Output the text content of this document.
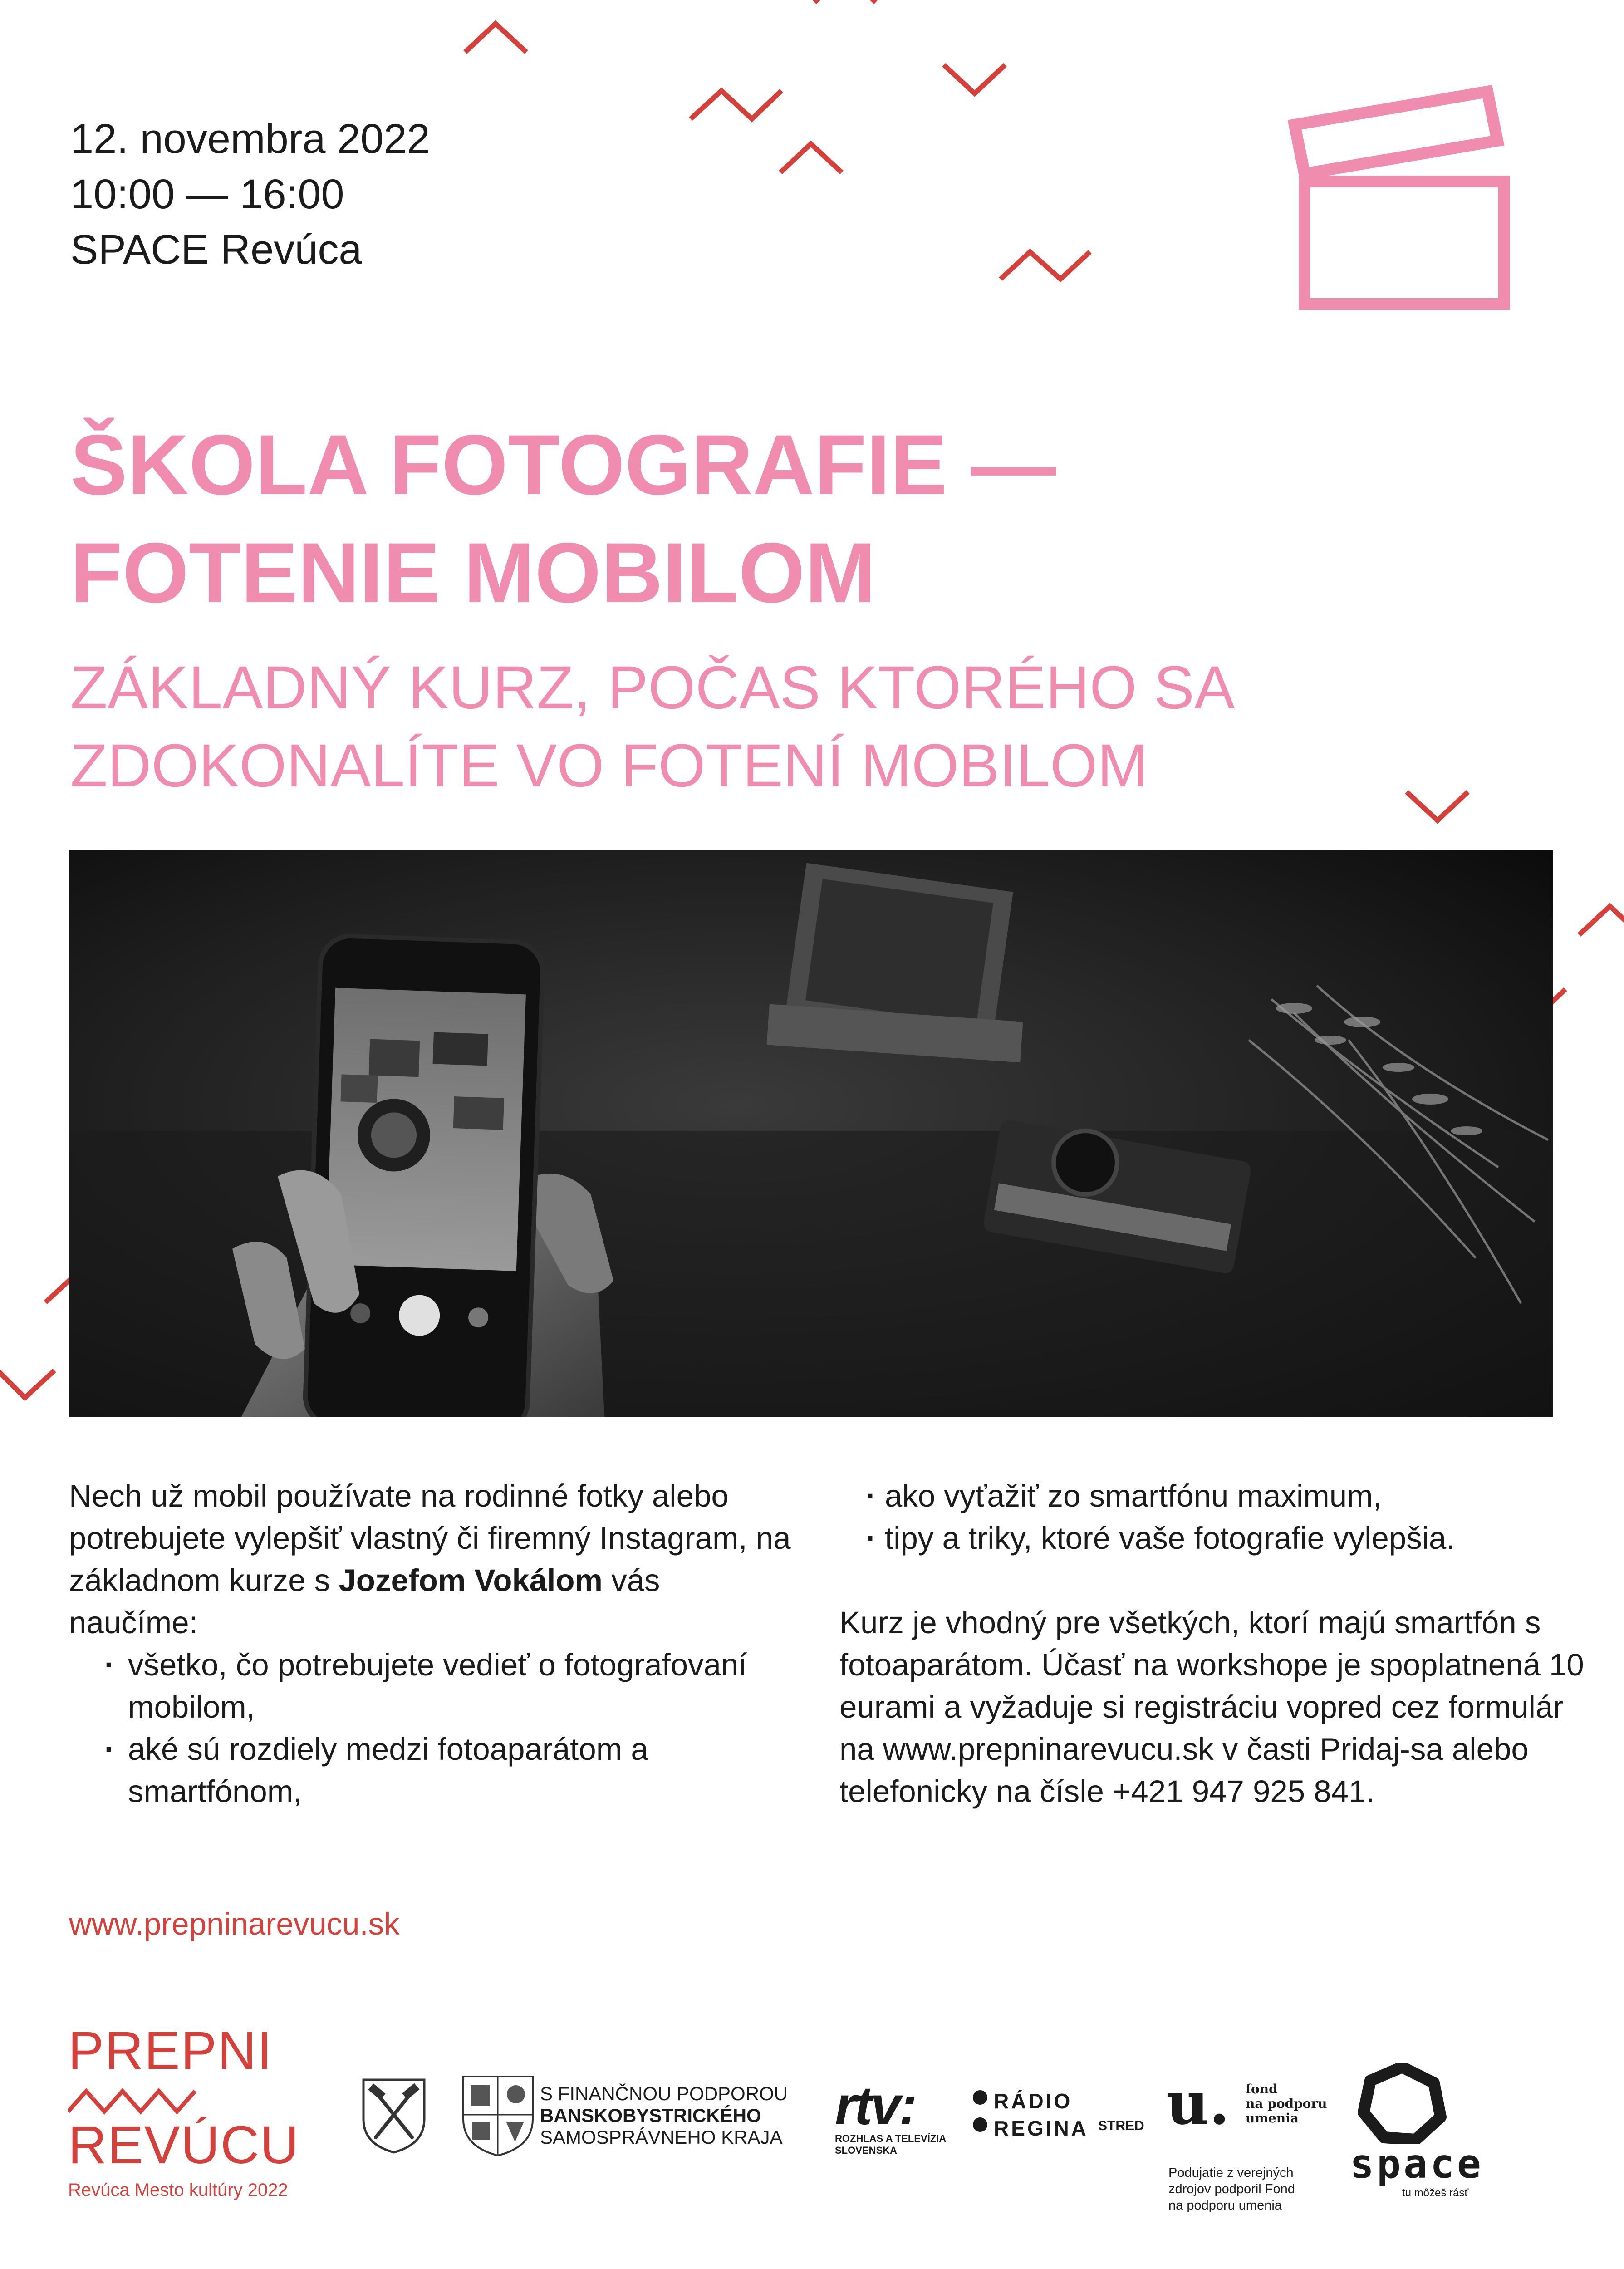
12. novembra 2022
10:00 — 16:00
SPACE Revúca
ŠKOLA FOTOGRAFIE —
FOTENIE MOBILOM
ZÁKLADNÝ KURZ, POČAS KTORÉHO SA
ZDOKONALÍTE VO FOTENÍ MOBILOM
Nech už mobil používate na rodinné fotky alebo potrebujete vylepšiť vlastný či firemný Instagram, na základnom kurze s Jozefom Vokálom vás naučíme:
· všetko, čo potrebujete vedieť o fotografovaní mobilom,
· aké sú rozdiely medzi fotoaparátom a smartfónom,
· ako vyťažiť zo smartfónu maximum,
· tipy a triky, ktoré vaše fotografie vylepšia.
Kurz je vhodný pre všetkých, ktorí majú smartfón s fotoaparátom. Účasť na workshope je spoplatnená 10 eurami a vyžaduje si registráciu vopred cez formulár na www.prepninarevucu.sk v časti Pridaj-sa alebo telefonicky na čísle +421 947 925 841.
www.prepninarevucu.sk
PREPNI
REVÚCU
Revúca Mesto kultúry 2022
S FINANČNOU PODPOROU
BANSKOBYSTRICKÉHO
SAMOSPRÁVNEHO KRAJA
rtv:
ROZHLAS A TELEVÍZIA
SLOVENSKA
RÁDIO
REGINA STRED u. fond
na podporu
umenia
Podujatie z verejných
zdrojov podporil Fond
na podporu umenia
space
tu môžeš rásť
